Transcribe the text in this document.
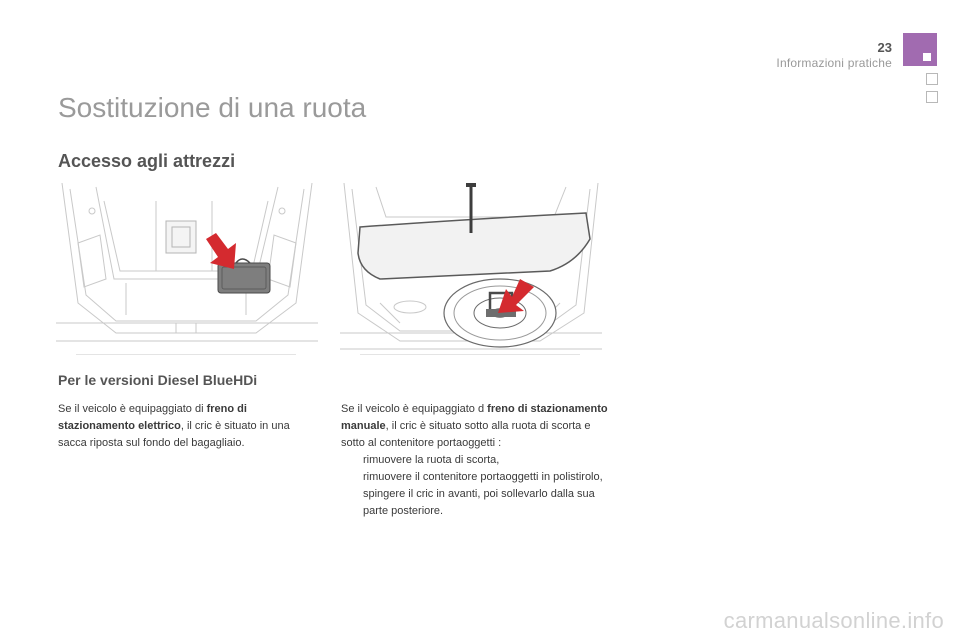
23
Informazioni pratiche
Sostituzione di una ruota
Accesso agli attrezzi
Per le versioni Diesel BlueHDi

Se il veicolo è equipaggiato di freno di stazionamento elettrico, il cric è situato in una sacca riposta sul fondo del bagagliaio.

Se il veicolo è equipaggiato d freno di stazionamento manuale, il cric è situato sotto alla ruota di scorta e sotto al contenitore portaoggetti :

rimuovere la ruota di scorta,
rimuovere il contenitore portaoggetti in polistirolo,
spingere il cric in avanti, poi sollevarlo dalla sua parte posteriore.
carmanualsonline.info
